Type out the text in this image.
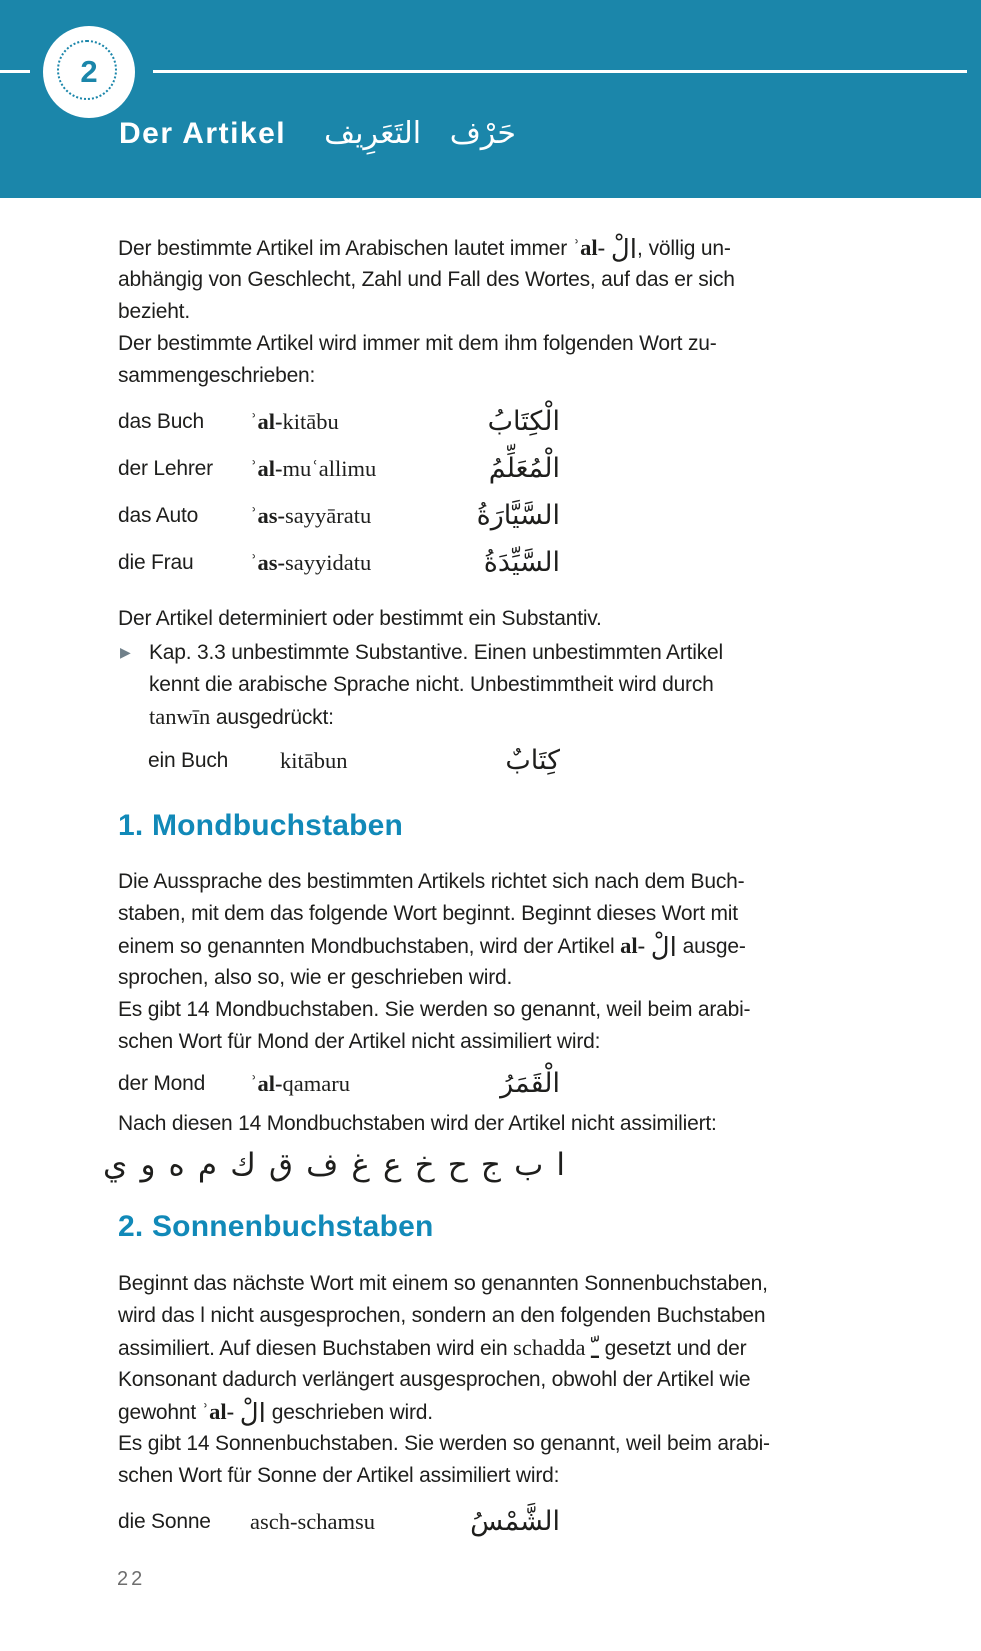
2
Der Artikel حَرْف   التَعَرِيف
Der bestimmte Artikel im Arabischen lautet immer ʾal- الْ, völlig un-
abhängig von Geschlecht, Zahl und Fall des Wortes, auf das er sich
bezieht.
Der bestimmte Artikel wird immer mit dem ihm folgenden Wort zu-
sammengeschrieben:
das Buch	ʾal-kitābu	الْكِتَابُ
der Lehrer	ʾal-muʿallimu	الْمُعَلِّمُ
das Auto	ʾas-sayyāratu	السَّيَّارَةُ
die Frau	ʾas-sayyidatu	السَّيِّدَةُ

Der Artikel determiniert oder bestimmt ein Substantiv.

▶ Kap. 3.3 unbestimmte Substantive. Einen unbestimmten Artikel
kennt die arabische Sprache nicht. Unbestimmtheit wird durch
tanwīn ausgedrückt:
ein Buch	kitābun	كِتَابٌ
1. Mondbuchstaben
Die Aussprache des bestimmten Artikels richtet sich nach dem Buch-
staben, mit dem das folgende Wort beginnt. Beginnt dieses Wort mit
einem so genannten Mondbuchstaben, wird der Artikel al- الْ ausge-
sprochen, also so, wie er geschrieben wird.
Es gibt 14 Mondbuchstaben. Sie werden so genannt, weil beim arabi-
schen Wort für Mond der Artikel nicht assimiliert wird:
der Mond	ʾal-qamaru	الْقَمَرُ

Nach diesen 14 Mondbuchstaben wird der Artikel nicht assimiliert:

ا
ب
ج
ح
خ
ع
غ
ف
ق
ك
م
ه
و
ي
2. Sonnenbuchstaben
Beginnt das nächste Wort mit einem so genannten Sonnenbuchstaben,
wird das l nicht ausgesprochen, sondern an den folgenden Buchstaben
assimiliert. Auf diesen Buchstaben wird ein schadda ـّ gesetzt und der
Konsonant dadurch verlängert ausgesprochen, obwohl der Artikel wie
gewohnt ʾal- الْ geschrieben wird.
Es gibt 14 Sonnenbuchstaben. Sie werden so genannt, weil beim arabi-
schen Wort für Sonne der Artikel assimiliert wird:
die Sonne	asch-schamsu	الشَّمْسُ
22
